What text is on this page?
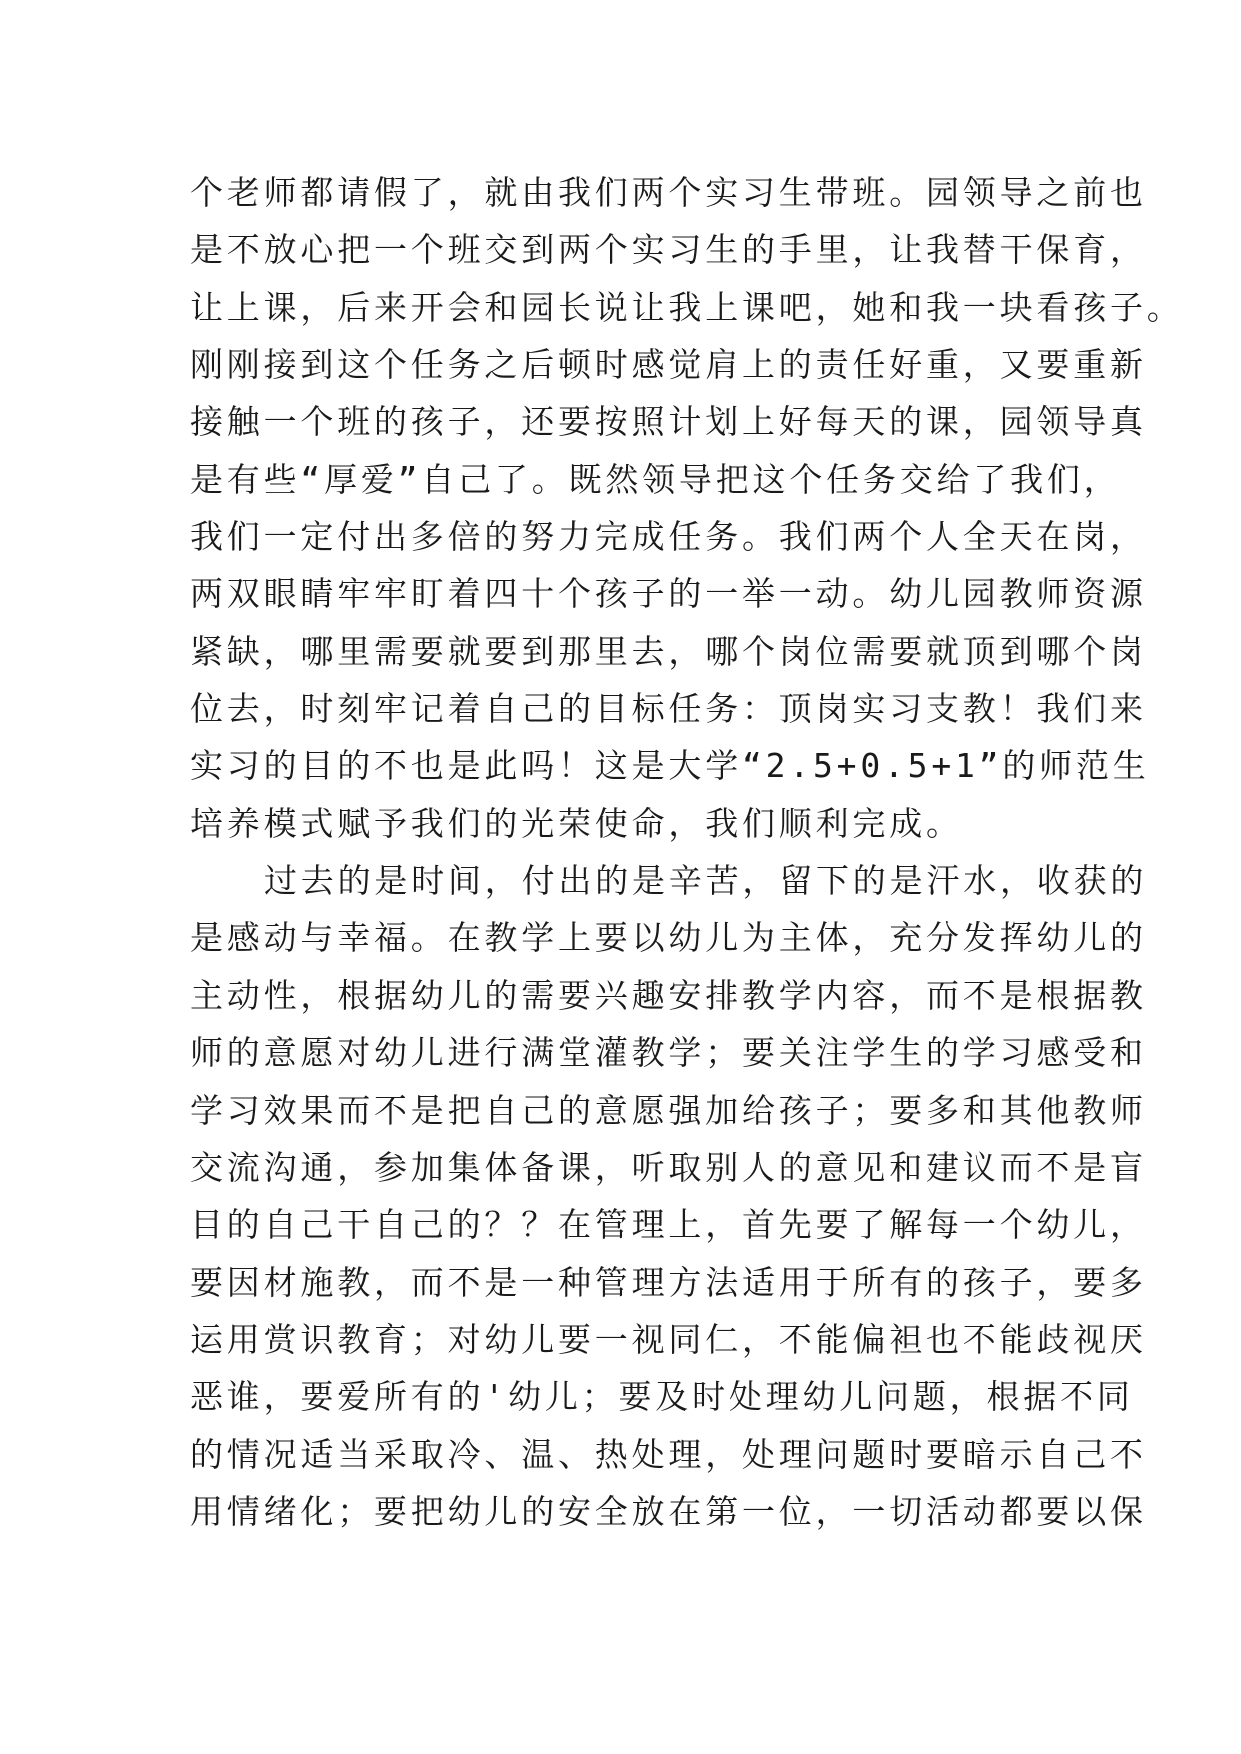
个老师都请假了，就由我们两个实习生带班。园领导之前也
是不放心把一个班交到两个实习生的手里，让我替干保育，
让上课，后来开会和园长说让我上课吧，她和我一块看孩子。
刚刚接到这个任务之后顿时感觉肩上的责任好重，又要重新
接触一个班的孩子，还要按照计划上好每天的课，园领导真
是有些“厚爱”自己了。既然领导把这个任务交给了我们，
我们一定付出多倍的努力完成任务。我们两个人全天在岗，
两双眼睛牢牢盯着四十个孩子的一举一动。幼儿园教师资源
紧缺，哪里需要就要到那里去，哪个岗位需要就顶到哪个岗
位去，时刻牢记着自己的目标任务：顶岗实习支教！我们来
实习的目的不也是此吗！这是大学“2.5+0.5+1”的师范生
培养模式赋予我们的光荣使命，我们顺利完成。
过去的是时间，付出的是辛苦，留下的是汗水，收获的
是感动与幸福。在教学上要以幼儿为主体，充分发挥幼儿的
主动性，根据幼儿的需要兴趣安排教学内容，而不是根据教
师的意愿对幼儿进行满堂灌教学；要关注学生的学习感受和
学习效果而不是把自己的意愿强加给孩子；要多和其他教师
交流沟通，参加集体备课，听取别人的意见和建议而不是盲
目的自己干自己的？？在管理上，首先要了解每一个幼儿，
要因材施教，而不是一种管理方法适用于所有的孩子，要多
运用赏识教育；对幼儿要一视同仁，不能偏袒也不能歧视厌
恶谁，要爱所有的'幼儿；要及时处理幼儿问题，根据不同
的情况适当采取冷、温、热处理，处理问题时要暗示自己不
用情绪化；要把幼儿的安全放在第一位，一切活动都要以保
